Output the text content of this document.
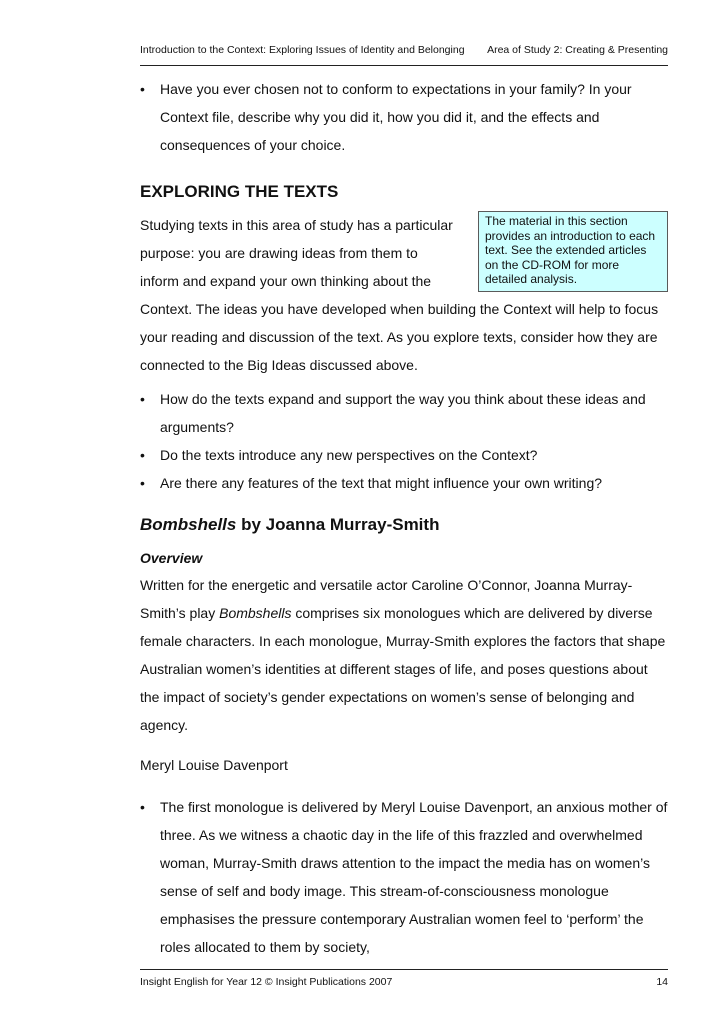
Introduction to the Context: Exploring Issues of Identity and Belonging Area of Study 2: Creating & Presenting
• Have you ever chosen not to conform to expectations in your family? In your Context file, describe why you did it, how you did it, and the effects and consequences of your choice.
EXPLORING THE TEXTS
The material in this section provides an introduction to each text. See the extended articles on the CD-ROM for more detailed analysis.

Studying texts in this area of study has a particular purpose: you are drawing ideas from them to inform and expand your own thinking about the Context. The ideas you have developed when building the Context will help to focus your reading and discussion of the text. As you explore texts, consider how they are connected to the Big Ideas discussed above.

• How do the texts expand and support the way you think about these ideas and arguments?
• Do the texts introduce any new perspectives on the Context?
• Are there any features of the text that might influence your own writing?
Bombshells by Joanna Murray-Smith
Overview

Written for the energetic and versatile actor Caroline O’Connor, Joanna Murray-Smith’s play Bombshells comprises six monologues which are delivered by diverse female characters. In each monologue, Murray-Smith explores the factors that shape Australian women’s identities at different stages of life, and poses questions about the impact of society’s gender expectations on women’s sense of belonging and agency.

Meryl Louise Davenport

• The first monologue is delivered by Meryl Louise Davenport, an anxious mother of three. As we witness a chaotic day in the life of this frazzled and overwhelmed woman, Murray-Smith draws attention to the impact the media has on women’s sense of self and body image. This stream-of-consciousness monologue emphasises the pressure contemporary Australian women feel to ‘perform’ the roles allocated to them by society,
Insight English for Year 12 © Insight Publications 2007	14
